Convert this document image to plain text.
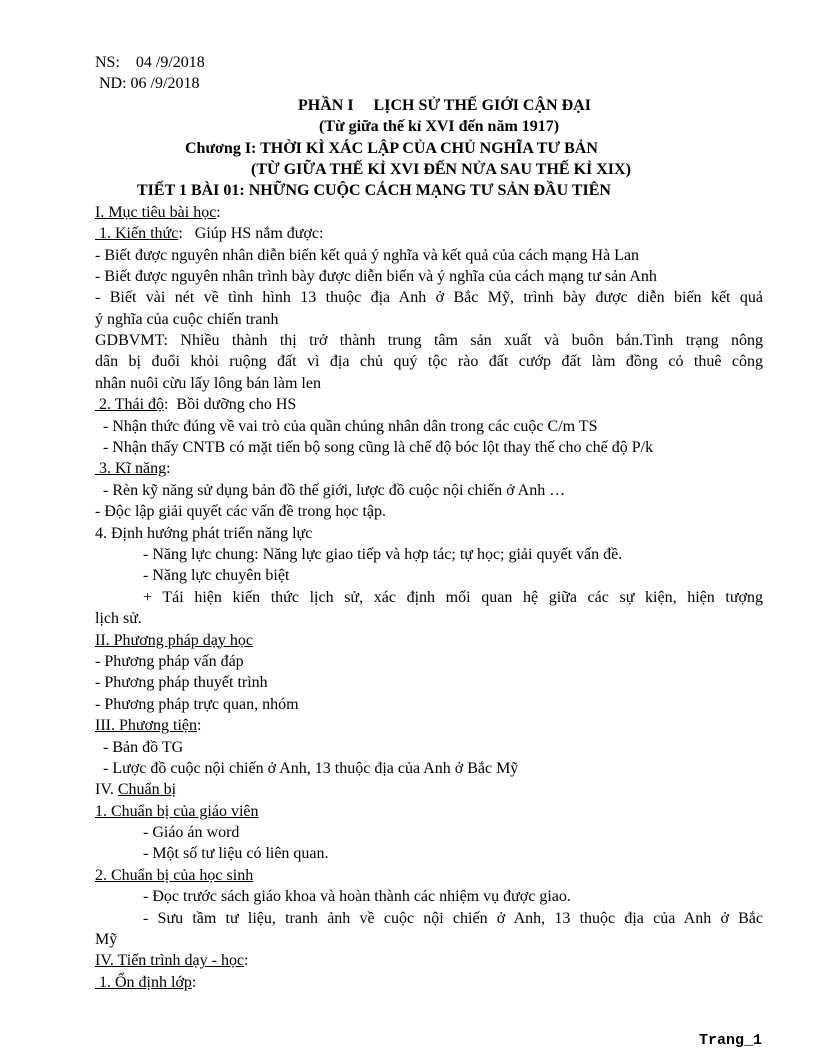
NS:    04 /9/2018
ND: 06 /9/2018
PHẦN I     LỊCH SỬ THẾ GIỚI CẬN ĐẠI
(Từ giữa thế kỉ XVI đến năm 1917)
Chương I: THỜI KÌ XÁC LẬP CỦA CHỦ NGHĨA TƯ BẢN
(TỪ GIỮA THẾ KỈ XVI ĐẾN NỬA SAU THẾ KỈ XIX)
TIẾT 1 BÀI 01: NHỮNG CUỘC CÁCH MẠNG TƯ SẢN ĐẦU TIÊN
I. Mục tiêu bài học:
1. Kiến thức:   Giúp HS nắm được:
- Biết được nguyên nhân diễn biến kết quả ý nghĩa và kết quả của cách mạng Hà Lan
- Biết được nguyên nhân trình bày được diễn biến và ý nghĩa của cách mạng tư sản Anh
- Biết vài nét về tình hình 13 thuộc địa Anh ở Bắc Mỹ, trình bày được diễn biến kết quả
ý nghĩa của cuộc chiến tranh
GDBVMT: Nhiều thành thị trở thành trung tâm sản xuất và buôn bán.Tình trạng nông
dân bị đuổi khỏi ruộng đất vì địa chủ quý tộc rào đất cướp đất làm đồng cỏ thuê công
nhân nuôi cừu lấy lông bán làm len
2. Thái độ:  Bồi dưỡng cho HS
- Nhận thức đúng về vai trò của quần chúng nhân dân trong các cuộc C/m TS
- Nhận thấy CNTB có mặt tiến bộ song cũng là chế độ bóc lột thay thế cho chế độ P/k
3. Kĩ năng:
- Rèn kỹ năng sử dụng bản đồ thế giới, lược đồ cuộc nội chiến ở Anh …
- Độc lập giải quyết các vấn đề trong học tập.
4. Định hướng phát triển năng lực
- Năng lực chung: Năng lực giao tiếp và hợp tác; tự học; giải quyết vấn đề.
- Năng lực chuyên biệt
+ Tái hiện kiến thức lịch sử, xác định mối quan hệ giữa các sự kiện, hiện tượng
lịch sử.
II. Phương pháp dạy học
- Phương pháp vấn đáp
- Phương pháp thuyết trình
- Phương pháp trực quan, nhóm
III. Phương tiện:
- Bản đồ TG
- Lược đồ cuộc nội chiến ở Anh, 13 thuộc địa của Anh ở Bắc Mỹ
IV. Chuẩn bị
1. Chuẩn bị của giáo viên
- Giáo án word
- Một số tư liệu có liên quan.
2. Chuẩn bị của học sinh
- Đọc trước sách giáo khoa và hoàn thành các nhiệm vụ được giao.
- Sưu tầm tư liệu, tranh ảnh về cuộc nội chiến ở Anh, 13 thuộc địa của Anh ở Bắc
Mỹ
IV. Tiến trình dạy - học:
1. Ổn định lớp:
Trang_1
